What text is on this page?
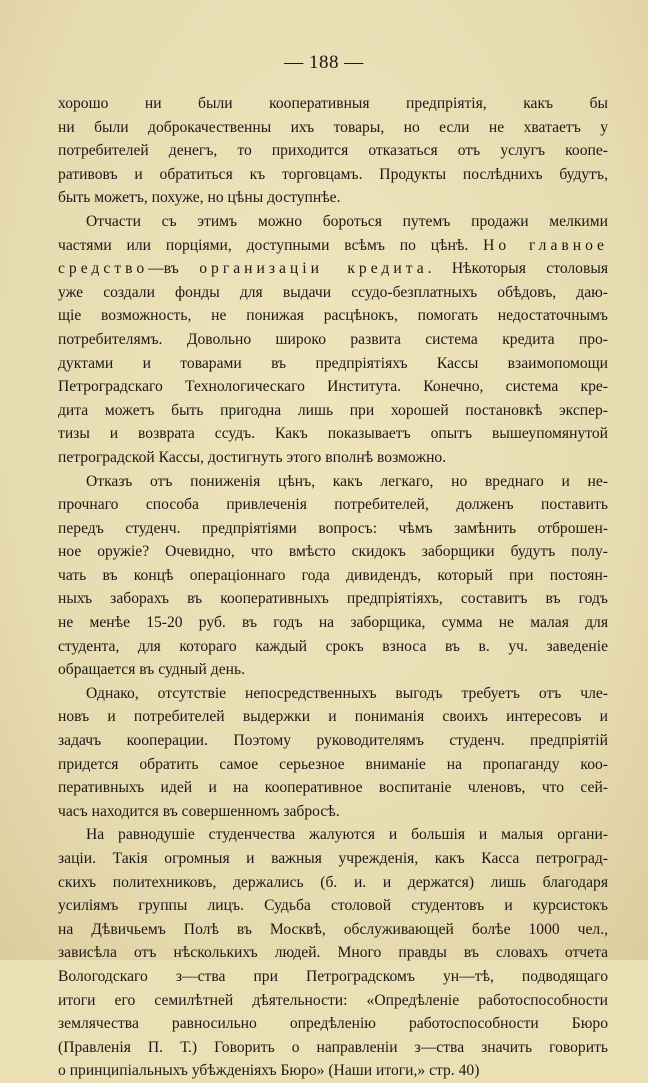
— 188 —
хорошо ни были кооперативныя предпріятія, какъ бы
ни были доброкачественны ихъ товары, но если не хватаетъ у
потребителей денегъ, то приходится отказаться отъ услугъ коопе-
ративовъ и обратиться къ торговцамъ. Продукты послѣднихъ будутъ,
быть можетъ, похуже, но цѣны доступнѣе.
Отчасти съ этимъ можно бороться путемъ продажи мелкими
частями или порціями, доступными всѣмъ по цѣнѣ. Но главное
средство—въ организаціи кредита. Нѣкоторыя столовыя
уже создали фонды для выдачи ссудо-безплатныхъ обѣдовъ, даю-
щіе возможность, не понижая расцѣнокъ, помогать недостаточнымъ
потребителямъ. Довольно широко развита система кредита про-
дуктами и товарами въ предпріятіяхъ Кассы взаимопомощи
Петроградскаго Технологическаго Института. Конечно, система кре-
дита можетъ быть пригодна лишь при хорошей постановкѣ экспер-
тизы и возврата ссудъ. Какъ показываетъ опытъ вышеупомянутой
петроградской Кассы, достигнуть этого вполнѣ возможно.
Отказъ отъ пониженія цѣнъ, какъ легкаго, но вреднаго и не-
прочнаго способа привлеченія потребителей, долженъ поставить
передъ студенч. предпріятіями вопросъ: чѣмъ замѣнить отброшен-
ное оружіе? Очевидно, что вмѣсто скидокъ заборщики будутъ полу-
чать въ концѣ операціоннаго года дивидендъ, который при постоян-
ныхъ заборахъ въ кооперативныхъ предпріятіяхъ, составитъ въ годъ
не менѣе 15-20 руб. въ годъ на заборщика, сумма не малая для
студента, для котораго каждый срокъ взноса въ в. уч. заведеніе
обращается въ судный день.
Однако, отсутствіе непосредственныхъ выгодъ требуетъ отъ чле-
новъ и потребителей выдержки и пониманія своихъ интересовъ и
задачъ кооперации. Поэтому руководителямъ студенч. предпріятій
придется обратить самое серьезное вниманіе на пропаганду коо-
перативныхъ идей и на кооперативное воспитаніе членовъ, что сей-
часъ находится въ совершенномъ забросѣ.
На равнодушіе студенчества жалуются и большія и малыя органи-
заціи. Такія огромныя и важныя учрежденія, какъ Касса петроград-
скихъ политехниковъ, держались (б. и. и держатся) лишь благодаря
усиліямъ группы лицъ. Судьба столовой студентовъ и курсистокъ
на Дѣвичьемъ Полѣ въ Москвѣ, обслуживающей болѣе 1000 чел.,
зависѣла отъ нѣсколькихъ людей. Много правды въ словахъ отчета
Вологодскаго з—ства при Петроградскомъ ун—тѣ, подводящаго
итоги его семилѣтней дѣятельности: «Опредѣленіе работоспособности
землячества равносильно опредѣленію работоспособности Бюро
(Правленія П. Т.) Говорить о направленіи з—ства значить говорить
о принципіальныхъ убѣжденіяхъ Бюро» (Наши итоги,» стр. 40)
